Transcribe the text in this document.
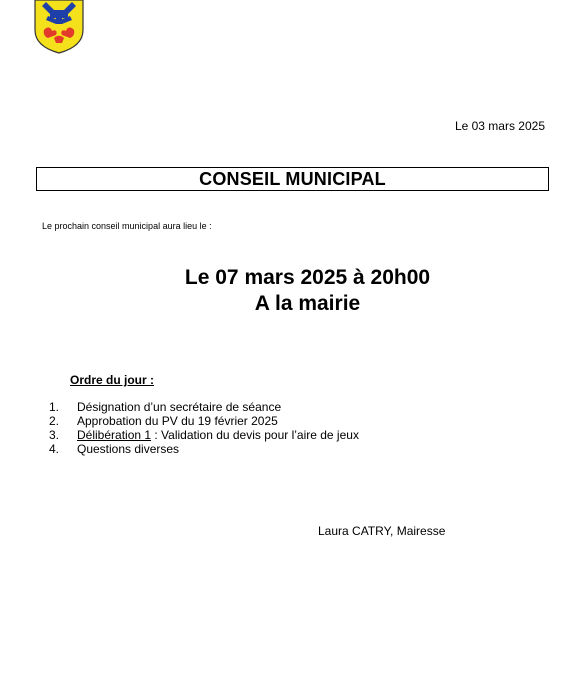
Le 03 mars 2025
CONSEIL MUNICIPAL
Le prochain conseil municipal aura lieu le :
Le 07 mars 2025 à 20h00
A la mairie
Ordre du jour :
1. Désignation d’un secrétaire de séance
2. Approbation du PV du 19 février 2025
3. Délibération 1 : Validation du devis pour l’aire de jeux
4. Questions diverses
Laura CATRY, Mairesse
